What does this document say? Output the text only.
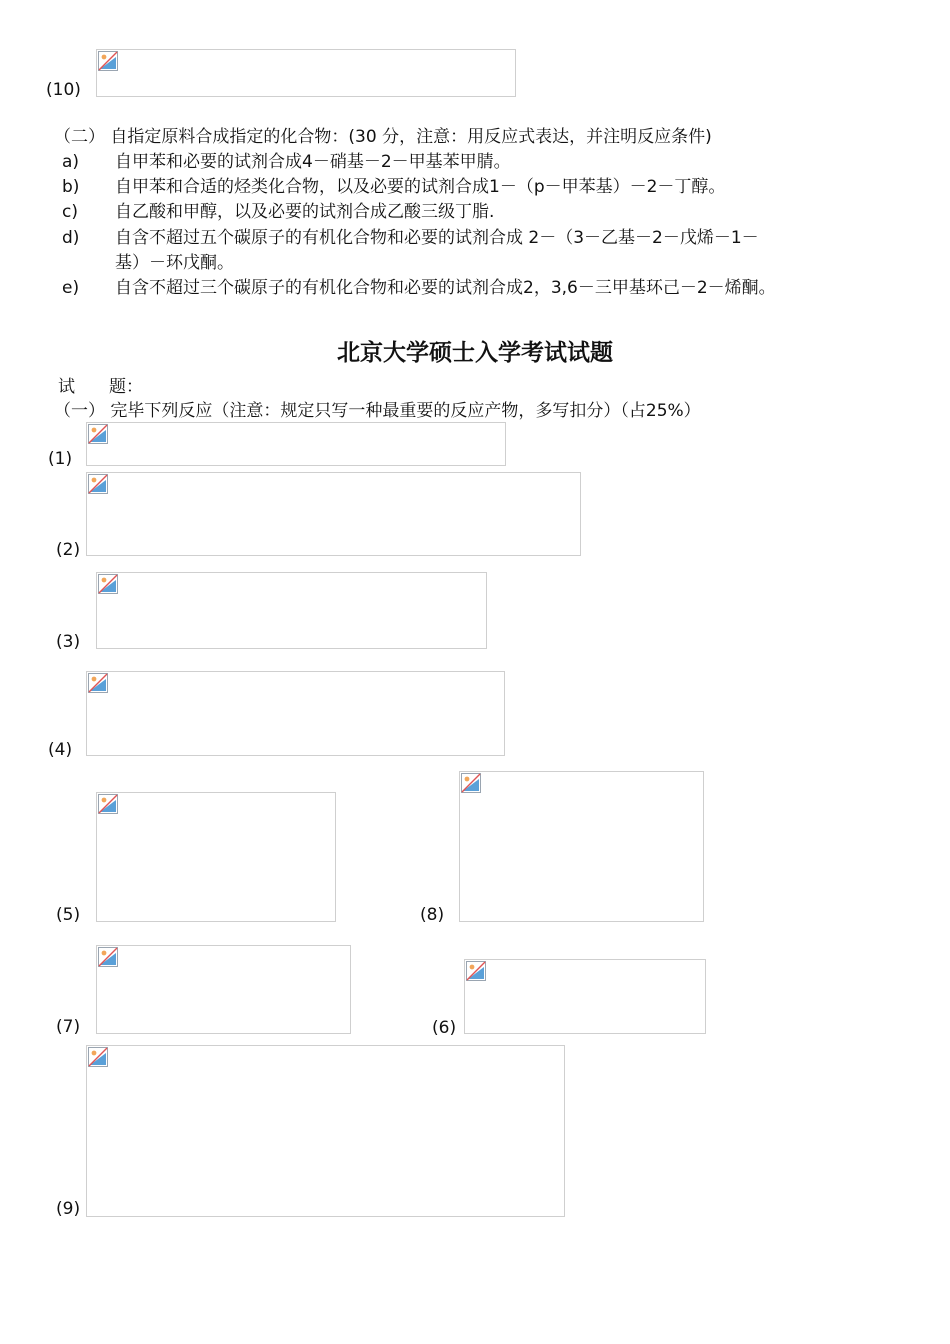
(10)
（二） 自指定原料合成指定的化合物：(30 分，注意：用反应式表达，并注明反应条件)
a) 自甲苯和必要的试剂合成4－硝基－2－甲基苯甲腈。
b) 自甲苯和合适的烃类化合物，以及必要的试剂合成1－（p－甲苯基）－2－丁醇。
c) 自乙酸和甲醇，以及必要的试剂合成乙酸三级丁脂.
d) 自含不超过五个碳原子的有机化合物和必要的试剂合成 2－（3－乙基－2－戊烯－1－
基）－环戊酮。
e) 自含不超过三个碳原子的有机化合物和必要的试剂合成2，3,6－三甲基环己－2－烯酮。
北京大学硕士入学考试试题
试　　题：
（一） 完毕下列反应（注意：规定只写一种最重要的反应产物，多写扣分）（占25%）
(1)
(2)
(3)
(4)
(5)	(8)
(7)	(6)
(9)
